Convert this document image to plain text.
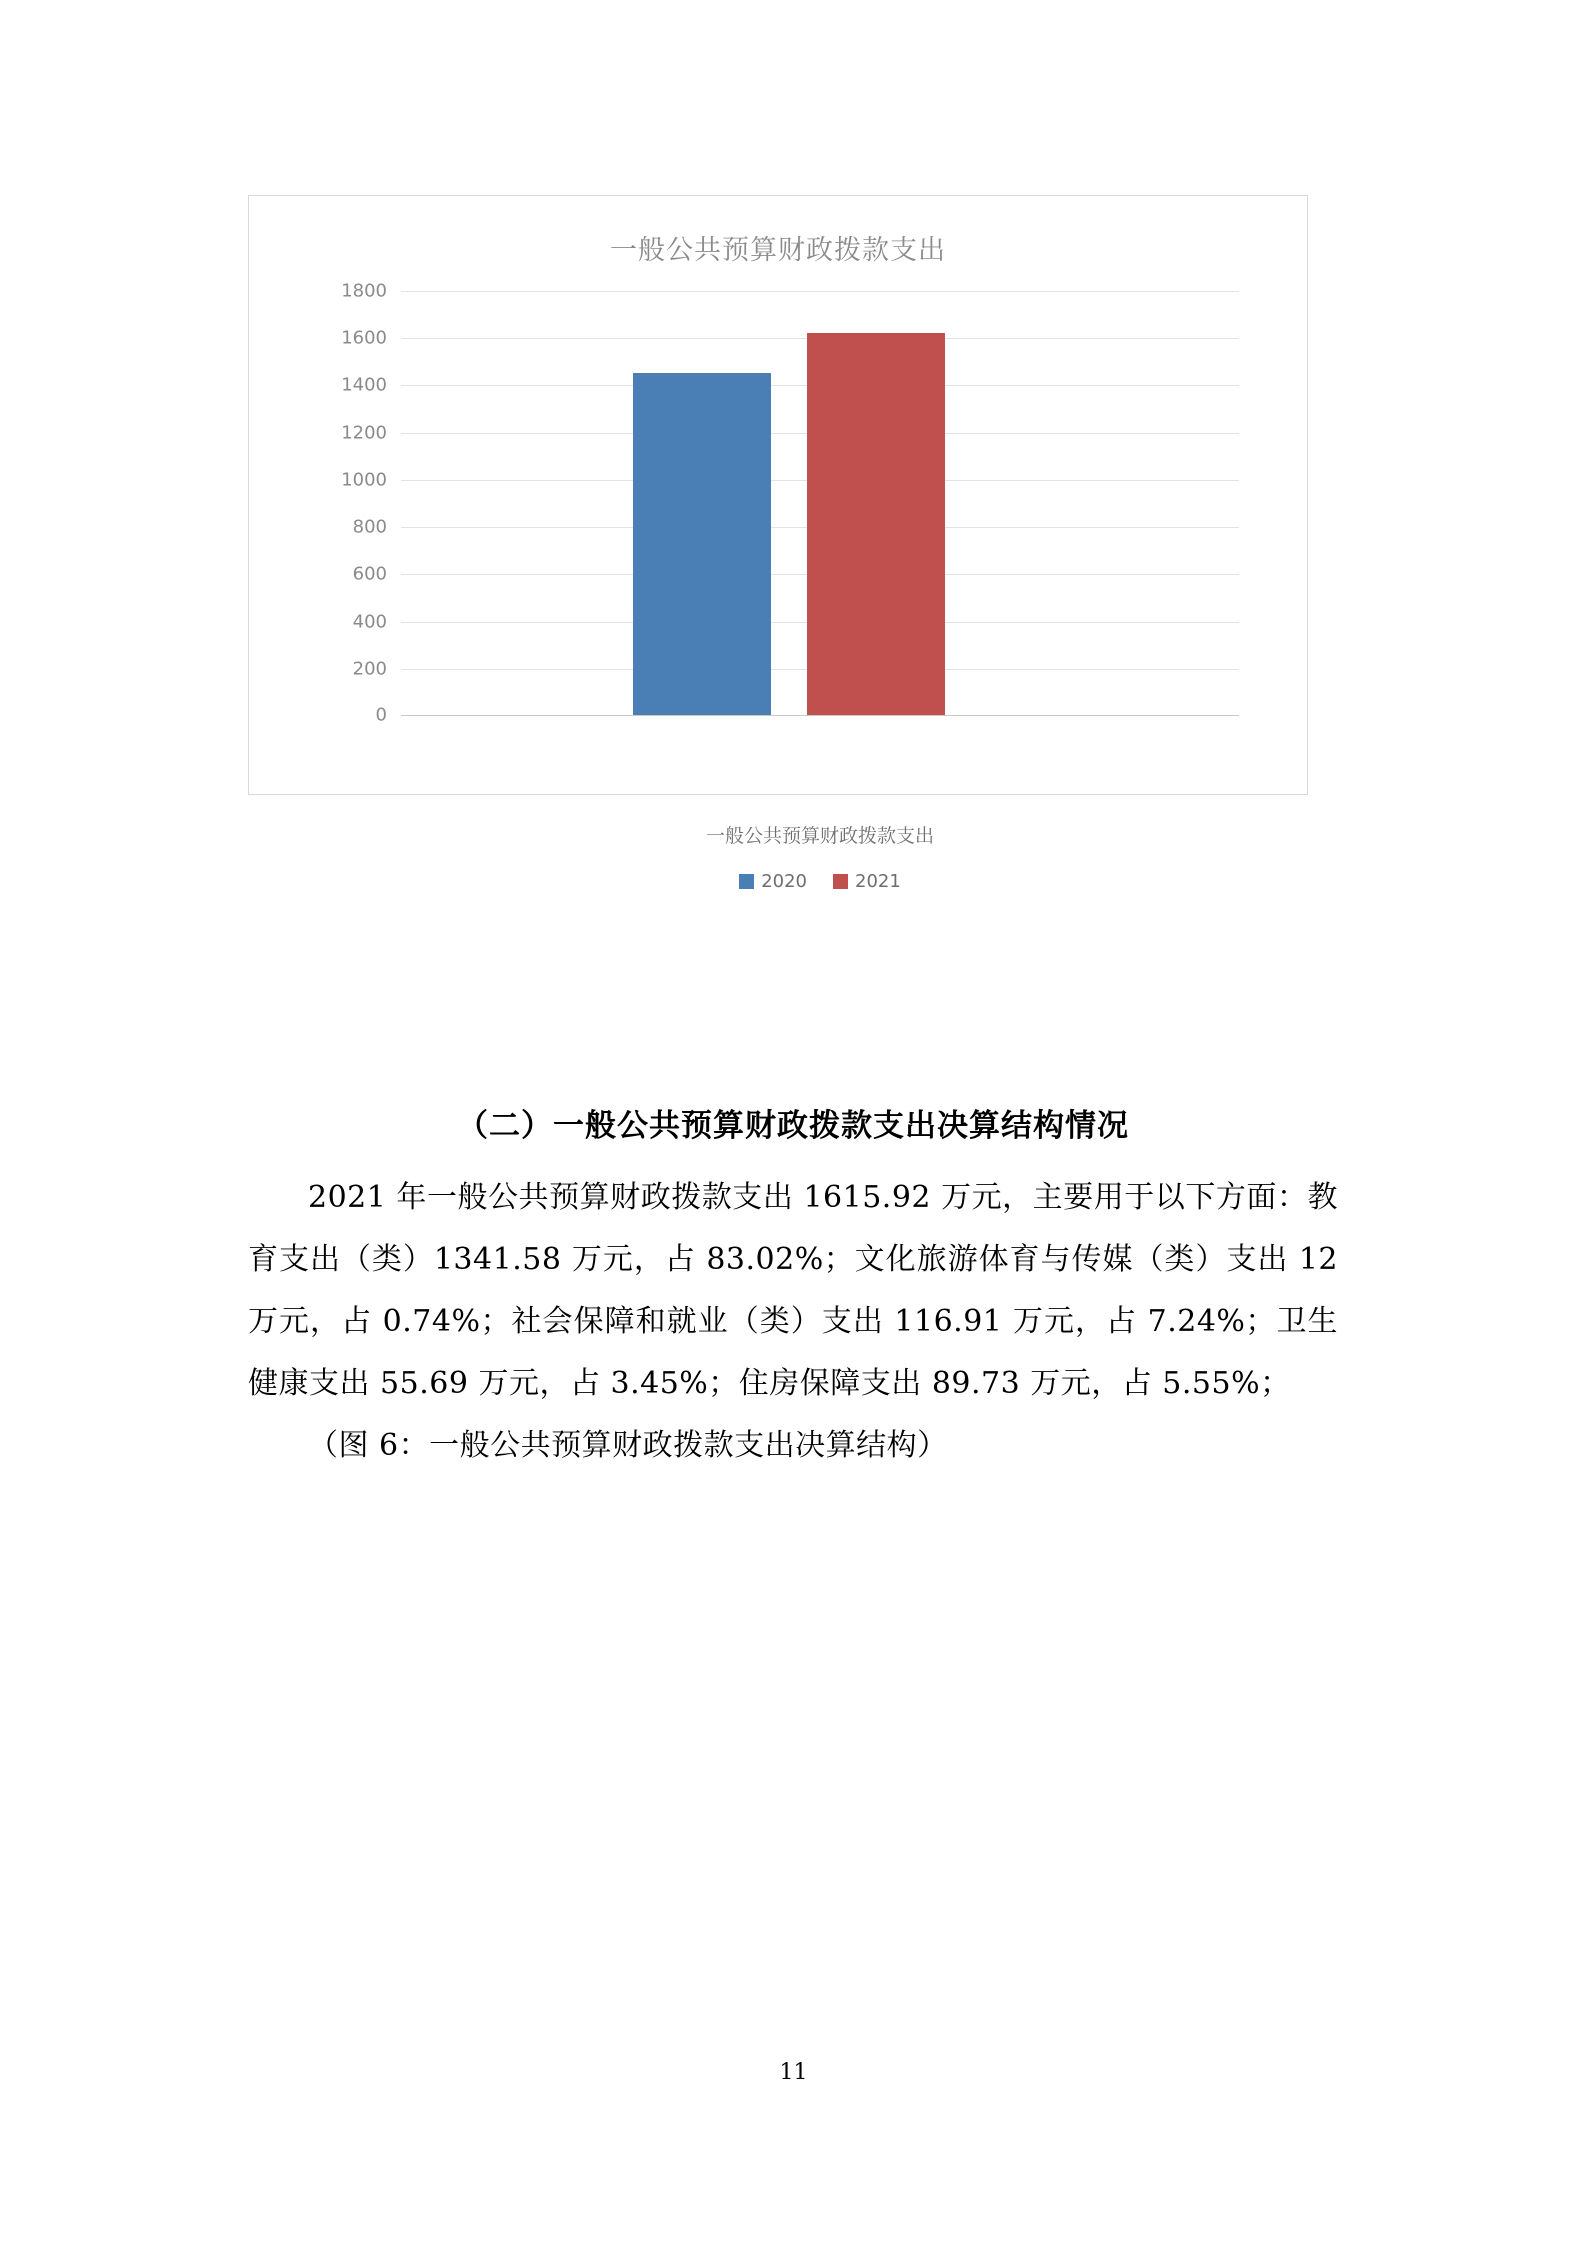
一般公共预算财政拨款支出
1800
1600
1400
1200
1000
800
600
400
200
0
一般公共预算财政拨款支出
2020	2021
（二）一般公共预算财政拨款支出决算结构情况

2021 年一般公共预算财政拨款支出 1615.92 万元，主要用于以下方面：教育支出（类）1341.58 万元，占 83.02%；文化旅游体育与传媒（类）支出 12 万元，占 0.74%；社会保障和就业（类）支出 116.91 万元，占 7.24%；卫生健康支出 55.69 万元，占 3.45%；住房保障支出 89.73 万元，占 5.55%；

（图 6：一般公共预算财政拨款支出决算结构）

11
